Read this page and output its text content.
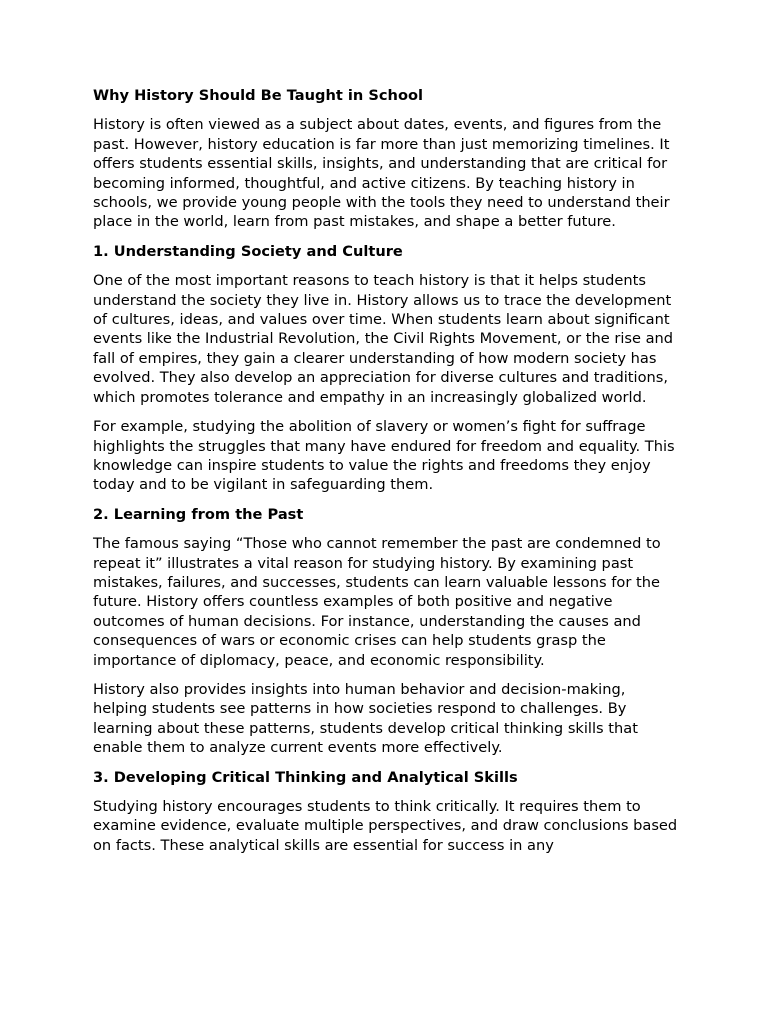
Why History Should Be Taught in School

History is often viewed as a subject about dates, events, and figures from the past. However, history education is far more than just memorizing timelines. It offers students essential skills, insights, and understanding that are critical for becoming informed, thoughtful, and active citizens. By teaching history in schools, we provide young people with the tools they need to understand their place in the world, learn from past mistakes, and shape a better future.

1. Understanding Society and Culture

One of the most important reasons to teach history is that it helps students understand the society they live in. History allows us to trace the development of cultures, ideas, and values over time. When students learn about significant events like the Industrial Revolution, the Civil Rights Movement, or the rise and fall of empires, they gain a clearer understanding of how modern society has evolved. They also develop an appreciation for diverse cultures and traditions, which promotes tolerance and empathy in an increasingly globalized world.

For example, studying the abolition of slavery or women’s fight for suffrage highlights the struggles that many have endured for freedom and equality. This knowledge can inspire students to value the rights and freedoms they enjoy today and to be vigilant in safeguarding them.

2. Learning from the Past

The famous saying “Those who cannot remember the past are condemned to repeat it” illustrates a vital reason for studying history. By examining past mistakes, failures, and successes, students can learn valuable lessons for the future. History offers countless examples of both positive and negative outcomes of human decisions. For instance, understanding the causes and consequences of wars or economic crises can help students grasp the importance of diplomacy, peace, and economic responsibility.

History also provides insights into human behavior and decision-making, helping students see patterns in how societies respond to challenges. By learning about these patterns, students develop critical thinking skills that enable them to analyze current events more effectively.

3. Developing Critical Thinking and Analytical Skills

Studying history encourages students to think critically. It requires them to examine evidence, evaluate multiple perspectives, and draw conclusions based on facts. These analytical skills are essential for success in any
